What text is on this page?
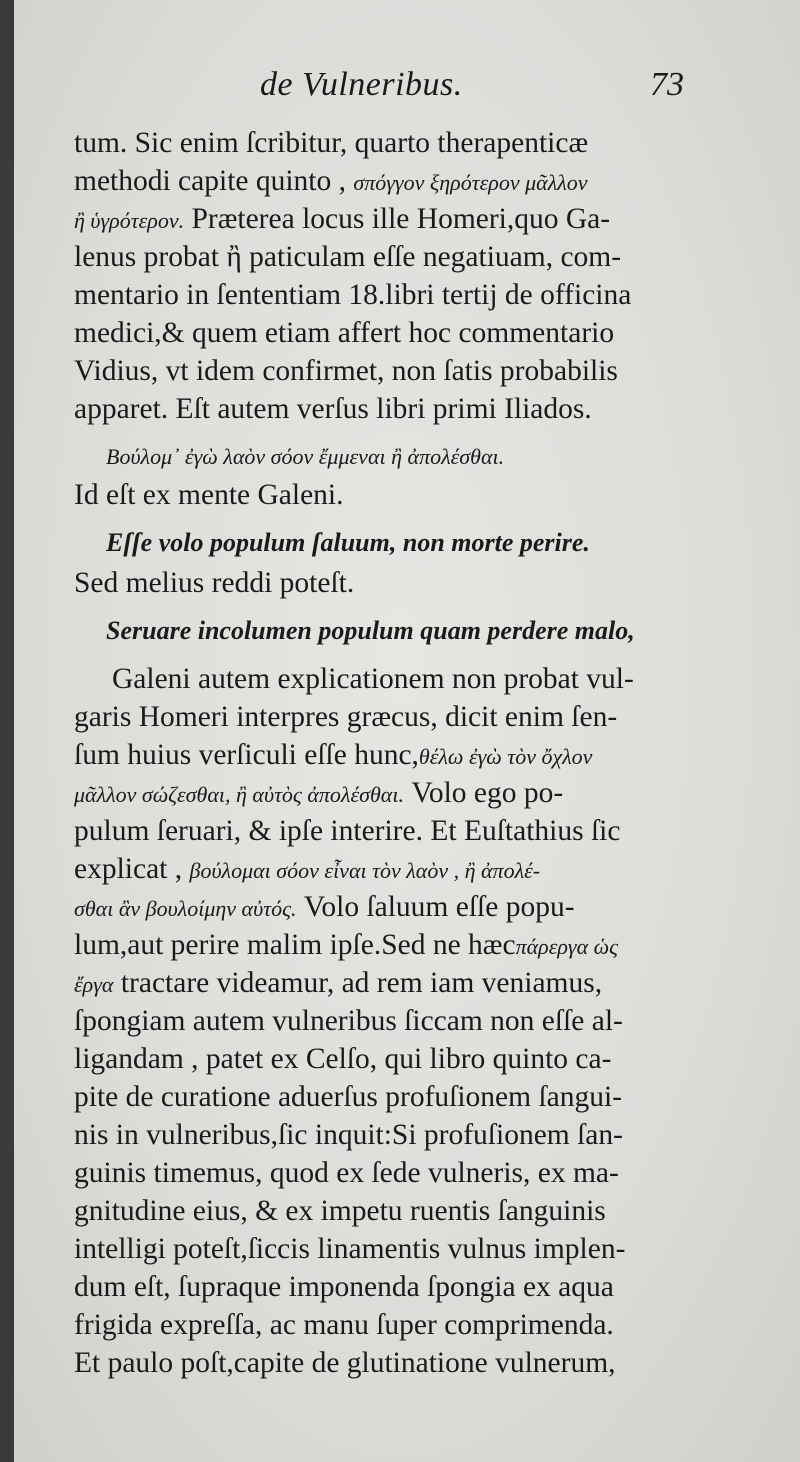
de Vulneribus.	73
tum. Sic enim ſcribitur, quarto therapenticæ
methodi capite quinto , σπόγγον ξηρότερον μᾶλλον
ἢ ὑγρότερον. Præterea locus ille Homeri,quo Ga-
lenus probat ἢ paticulam eſſe negatiuam, com-
mentario in ſententiam 18.libri tertij de officina
medici,& quem etiam affert hoc commentario
Vidius, vt idem confirmet, non ſatis probabilis
apparet. Eſt autem verſus libri primi Iliados.
Βούλομ᾽ ἐγὼ λαὸν σόον ἔμμεναι ἢ ἀπολέσθαι.
Id eſt ex mente Galeni.
Eſſe volo populum ſaluum, non morte perire.
Sed melius reddi poteſt.
Seruare incolumen populum quam perdere malo,
Galeni autem explicationem non probat vul-
garis Homeri interpres græcus, dicit enim ſen-
ſum huius verſiculi eſſe hunc,θέλω ἐγὼ τὸν ὄχλον
μᾶλλον σώζεσθαι, ἢ αὐτὸς ἀπολέσθαι. Volo ego po-
pulum ſeruari, & ipſe interire. Et Euſtathius ſic
explicat , βούλομαι σόον εἶναι τὸν λαὸν , ἢ ἀπολέ-
σθαι ἂν βουλοίμην αὐτός. Volo ſaluum eſſe popu-
lum,aut perire malim ipſe.Sed ne hæcπάρεργα ὡς
ἔργα tractare videamur, ad rem iam veniamus,
ſpongiam autem vulneribus ſiccam non eſſe al-
ligandam , patet ex Celſo, qui libro quinto ca-
pite de curatione aduerſus profuſionem ſangui-
nis in vulneribus,ſic inquit:Si profuſionem ſan-
guinis timemus, quod ex ſede vulneris, ex ma-
gnitudine eius, & ex impetu ruentis ſanguinis
intelligi poteſt,ſiccis linamentis vulnus implen-
dum eſt, ſupraque imponenda ſpongia ex aqua
frigida expreſſa, ac manu ſuper comprimenda.
Et paulo poſt,capite de glutinatione vulnerum,
